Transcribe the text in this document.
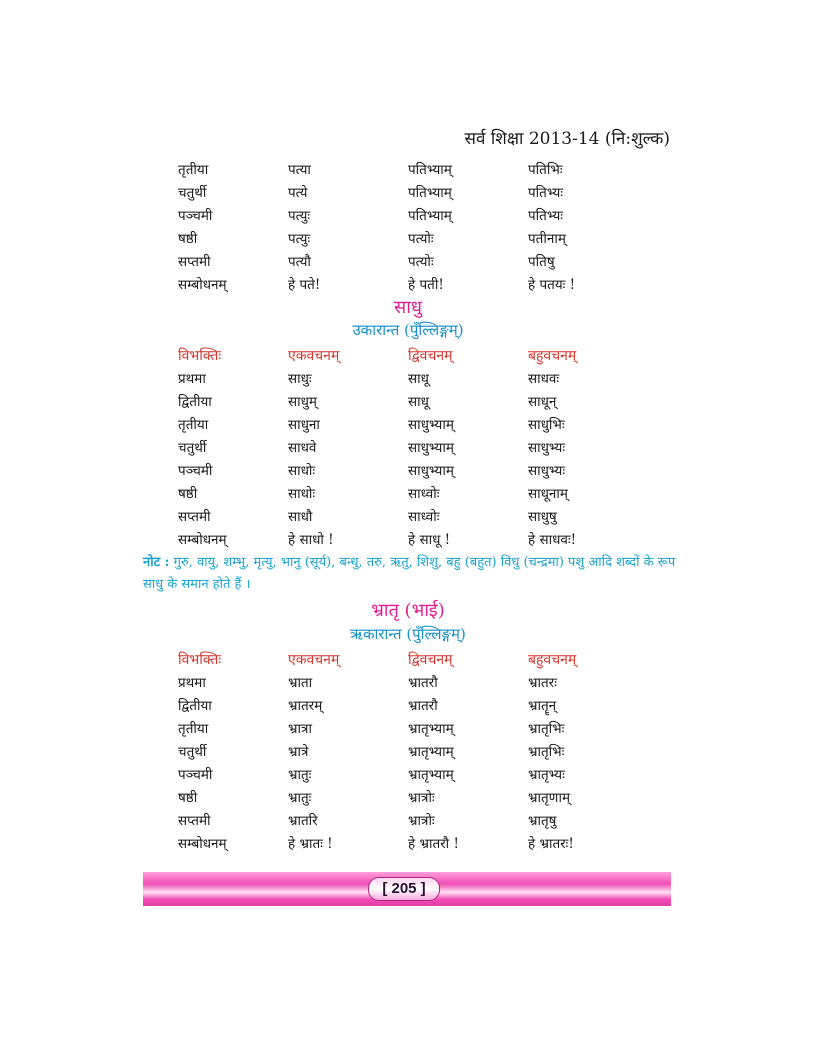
सर्व शिक्षा 2013-14 (नि:शुल्क)
तृतीया	पत्या	पतिभ्याम्	पतिभिः
चतुर्थी	पत्ये	पतिभ्याम्	पतिभ्यः
पञ्चमी	पत्युः	पतिभ्याम्	पतिभ्यः
षष्ठी	पत्युः	पत्योः	पतीनाम्
सप्तमी	पत्यौ	पत्योः	पतिषु
सम्बोधनम्	हे पते!	हे पती!	हे पतयः !
साधु
उकारान्त (पुँल्लिङ्गम्)
विभक्तिः	एकवचनम्	द्विवचनम्	बहुवचनम्
प्रथमा	साधुः	साधू	साधवः
द्वितीया	साधुम्	साधू	साधून्
तृतीया	साधुना	साधुभ्याम्	साधुभिः
चतुर्थी	साधवे	साधुभ्याम्	साधुभ्यः
पञ्चमी	साधोः	साधुभ्याम्	साधुभ्यः
षष्ठी	साधोः	साध्वोः	साधूनाम्
सप्तमी	साधौ	साध्वोः	साधुषु
सम्बोधनम्	हे साधो !	हे साधू !	हे साधवः!
नोट : गुरु, वायु, शम्भु, मृत्यु, भानु (सूर्य), बन्धु, तरु, ऋतु, शिशु, बहु (बहुत) विधु (चन्द्रमा) पशु आदि शब्दों के रूप साधु के समान होते हैं ।
भ्रातृ (भाई)
ऋकारान्त (पुँल्लिङ्गम्)
विभक्तिः	एकवचनम्	द्विवचनम्	बहुवचनम्
प्रथमा	भ्राता	भ्रातरौ	भ्रातरः
द्वितीया	भ्रातरम्	भ्रातरौ	भ्रातॄन्
तृतीया	भ्रात्रा	भ्रातृभ्याम्	भ्रातृभिः
चतुर्थी	भ्रात्रे	भ्रातृभ्याम्	भ्रातृभिः
पञ्चमी	भ्रातुः	भ्रातृभ्याम्	भ्रातृभ्यः
षष्ठी	भ्रातुः	भ्रात्रोः	भ्रातृणाम्
सप्तमी	भ्रातरि	भ्रात्रोः	भ्रातृषु
सम्बोधनम्	हे भ्रातः !	हे भ्रातरौ !	हे भ्रातरः!
[ 205 ]
